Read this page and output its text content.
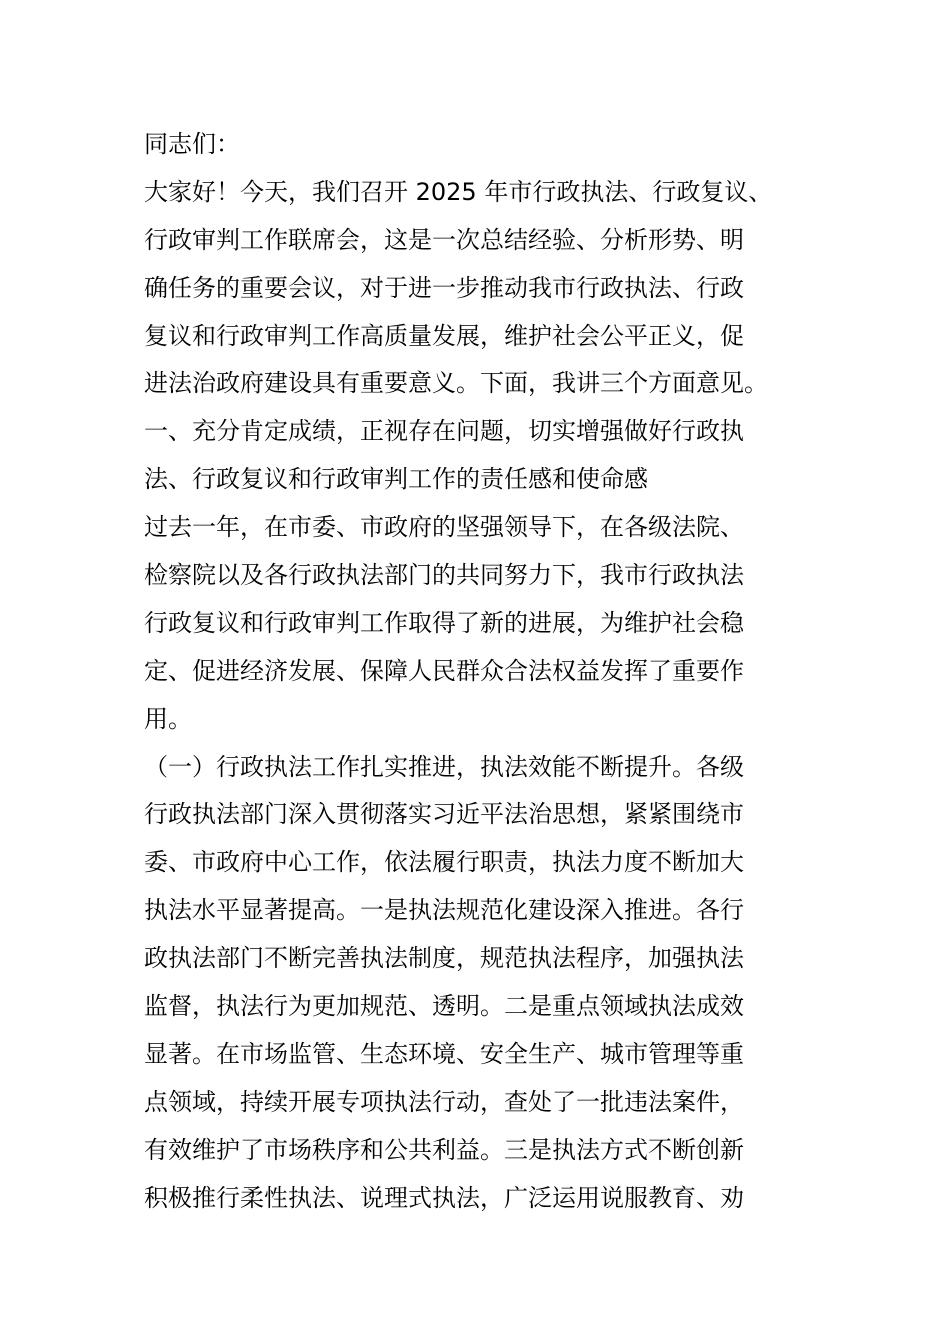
同志们：
大家好！今天，我们召开 2025 年市行政执法、行政复议、
行政审判工作联席会，这是一次总结经验、分析形势、明
确任务的重要会议，对于进一步推动我市行政执法、行政
复议和行政审判工作高质量发展，维护社会公平正义，促
进法治政府建设具有重要意义。下面，我讲三个方面意见。
一、充分肯定成绩，正视存在问题，切实增强做好行政执
法、行政复议和行政审判工作的责任感和使命感
过去一年，在市委、市政府的坚强领导下，在各级法院、
检察院以及各行政执法部门的共同努力下，我市行政执法
行政复议和行政审判工作取得了新的进展，为维护社会稳
定、促进经济发展、保障人民群众合法权益发挥了重要作
用。
（一）行政执法工作扎实推进，执法效能不断提升。各级
行政执法部门深入贯彻落实习近平法治思想，紧紧围绕市
委、市政府中心工作，依法履行职责，执法力度不断加大
执法水平显著提高。一是执法规范化建设深入推进。各行
政执法部门不断完善执法制度，规范执法程序，加强执法
监督，执法行为更加规范、透明。二是重点领域执法成效
显著。在市场监管、生态环境、安全生产、城市管理等重
点领域，持续开展专项执法行动，查处了一批违法案件，
有效维护了市场秩序和公共利益。三是执法方式不断创新
积极推行柔性执法、说理式执法，广泛运用说服教育、劝
